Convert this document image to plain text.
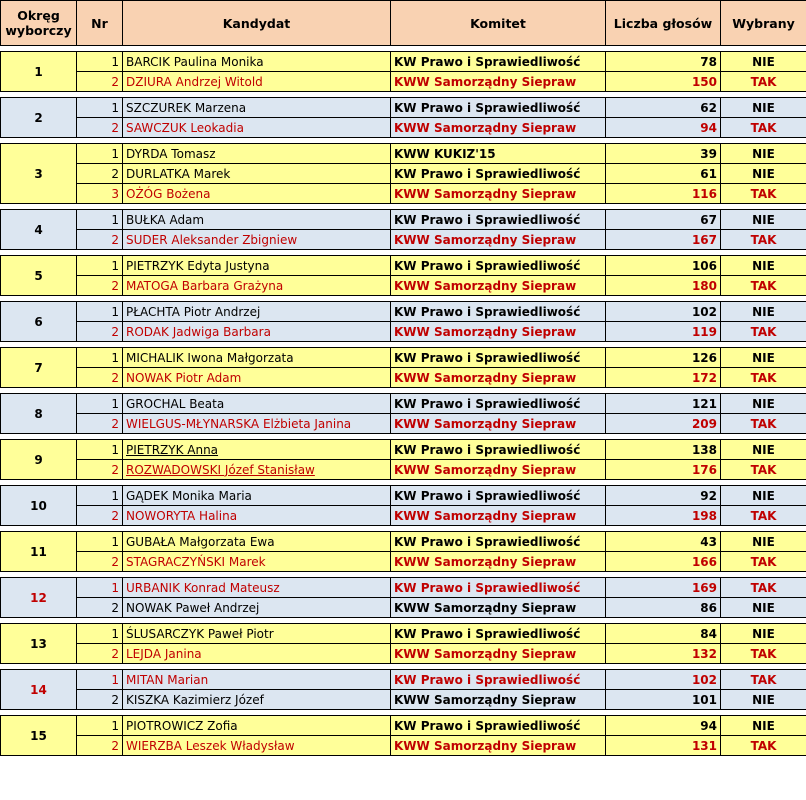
Okręg wyborczy	Nr	Kandydat	Komitet	Liczba głosów	Wybrany

1	1	BARCIK Paulina Monika	KW Prawo i Sprawiedliwość	78	NIE
	2	DZIURA Andrzej Witold	KWW Samorządny Siepraw	150	TAK

2	1	SZCZUREK Marzena	KW Prawo i Sprawiedliwość	62	NIE
	2	SAWCZUK Leokadia	KWW Samorządny Siepraw	94	TAK

3	1	DYRDA Tomasz	KWW KUKIZ'15	39	NIE
	2	DURLATKA Marek	KW Prawo i Sprawiedliwość	61	NIE
	3	OŻÓG Bożena	KWW Samorządny Siepraw	116	TAK

4	1	BUŁKA Adam	KW Prawo i Sprawiedliwość	67	NIE
	2	SUDER Aleksander Zbigniew	KWW Samorządny Siepraw	167	TAK

5	1	PIETRZYK Edyta Justyna	KW Prawo i Sprawiedliwość	106	NIE
	2	MATOGA Barbara Grażyna	KWW Samorządny Siepraw	180	TAK

6	1	PŁACHTA Piotr Andrzej	KW Prawo i Sprawiedliwość	102	NIE
	2	RODAK Jadwiga Barbara	KWW Samorządny Siepraw	119	TAK

7	1	MICHALIK Iwona Małgorzata	KW Prawo i Sprawiedliwość	126	NIE
	2	NOWAK Piotr Adam	KWW Samorządny Siepraw	172	TAK

8	1	GROCHAL Beata	KW Prawo i Sprawiedliwość	121	NIE
	2	WIELGUS-MŁYNARSKA Elżbieta Janina	KWW Samorządny Siepraw	209	TAK

9	1	PIETRZYK Anna	KW Prawo i Sprawiedliwość	138	NIE
	2	ROZWADOWSKI Józef Stanisław	KWW Samorządny Siepraw	176	TAK

10	1	GĄDEK Monika Maria	KW Prawo i Sprawiedliwość	92	NIE
	2	NOWORYTA Halina	KWW Samorządny Siepraw	198	TAK

11	1	GUBAŁA Małgorzata Ewa	KW Prawo i Sprawiedliwość	43	NIE
	2	STAGRACZYŃSKI Marek	KWW Samorządny Siepraw	166	TAK

12	1	URBANIK Konrad Mateusz	KW Prawo i Sprawiedliwość	169	TAK
	2	NOWAK Paweł Andrzej	KWW Samorządny Siepraw	86	NIE

13	1	ŚLUSARCZYK Paweł Piotr	KW Prawo i Sprawiedliwość	84	NIE
	2	LEJDA Janina	KWW Samorządny Siepraw	132	TAK

14	1	MITAN Marian	KW Prawo i Sprawiedliwość	102	TAK
	2	KISZKA Kazimierz Józef	KWW Samorządny Siepraw	101	NIE

15	1	PIOTROWICZ Zofia	KW Prawo i Sprawiedliwość	94	NIE
	2	WIERZBA Leszek Władysław	KWW Samorządny Siepraw	131	TAK
